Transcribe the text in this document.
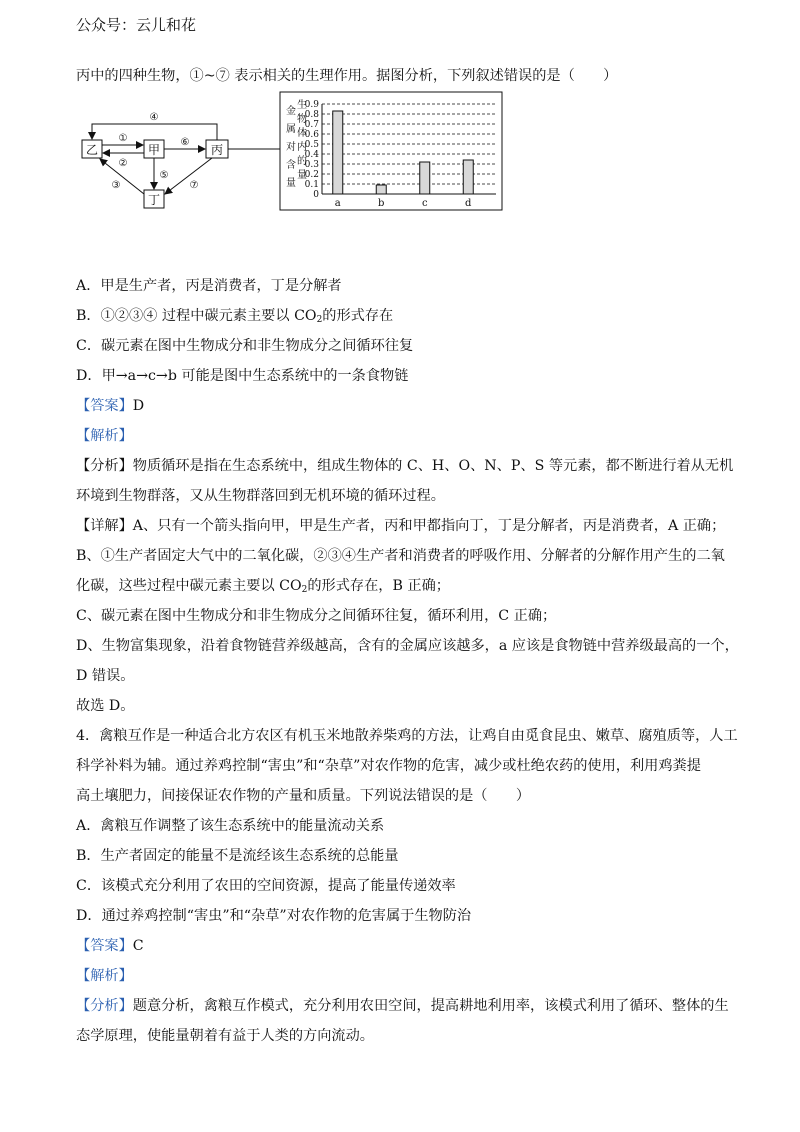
公众号：云儿和花
丙中的四种生物，①~⑦ 表示相关的生理作用。据图分析，下列叙述错误的是（　　）
乙	甲	丙
丁
④
①
②
⑥
⑤
③	⑦
金
属
对
含
量
生
物
体
内
的
量
0
0.1
0.2
0.3
0.4
0.5
0.6
0.7
0.8
0.9
a	b	c	d
A．甲是生产者，丙是消费者，丁是分解者
B．①②③④ 过程中碳元素主要以 $CO_2$的形式存在
C．碳元素在图中生物成分和非生物成分之间循环往复
D．甲→a→c→b 可能是图中生态系统中的一条食物链
【答案】D
【解析】
【分析】物质循环是指在生态系统中，组成生物体的 C、H、O、N、P、S 等元素，都不断进行着从无机
环境到生物群落，又从生物群落回到无机环境的循环过程。
【详解】A、只有一个箭头指向甲，甲是生产者，丙和甲都指向丁，丁是分解者，丙是消费者，A 正确；
B、①生产者固定大气中的二氧化碳，②③④生产者和消费者的呼吸作用、分解者的分解作用产生的二氧
化碳，这些过程中碳元素主要以 $CO_2$的形式存在，B 正确；
C、碳元素在图中生物成分和非生物成分之间循环往复，循环利用，C 正确；
D、生物富集现象，沿着食物链营养级越高，含有的金属应该越多，a 应该是食物链中营养级最高的一个，
D 错误。
故选 D。
4．禽粮互作是一种适合北方农区有机玉米地散养柴鸡的方法，让鸡自由觅食昆虫、嫩草、腐殖质等，人工
科学补料为辅。通过养鸡控制“害虫”和“杂草”对农作物的危害，减少或杜绝农药的使用，利用鸡粪提
高土壤肥力，间接保证农作物的产量和质量。下列说法错误的是（　　）
A．禽粮互作调整了该生态系统中的能量流动关系
B．生产者固定的能量不是流经该生态系统的总能量
C．该模式充分利用了农田的空间资源，提高了能量传递效率
D．通过养鸡控制“害虫”和“杂草”对农作物的危害属于生物防治
【答案】C
【解析】
【分析】题意分析，禽粮互作模式，充分利用农田空间，提高耕地利用率，该模式利用了循环、整体的生
态学原理，使能量朝着有益于人类的方向流动。
